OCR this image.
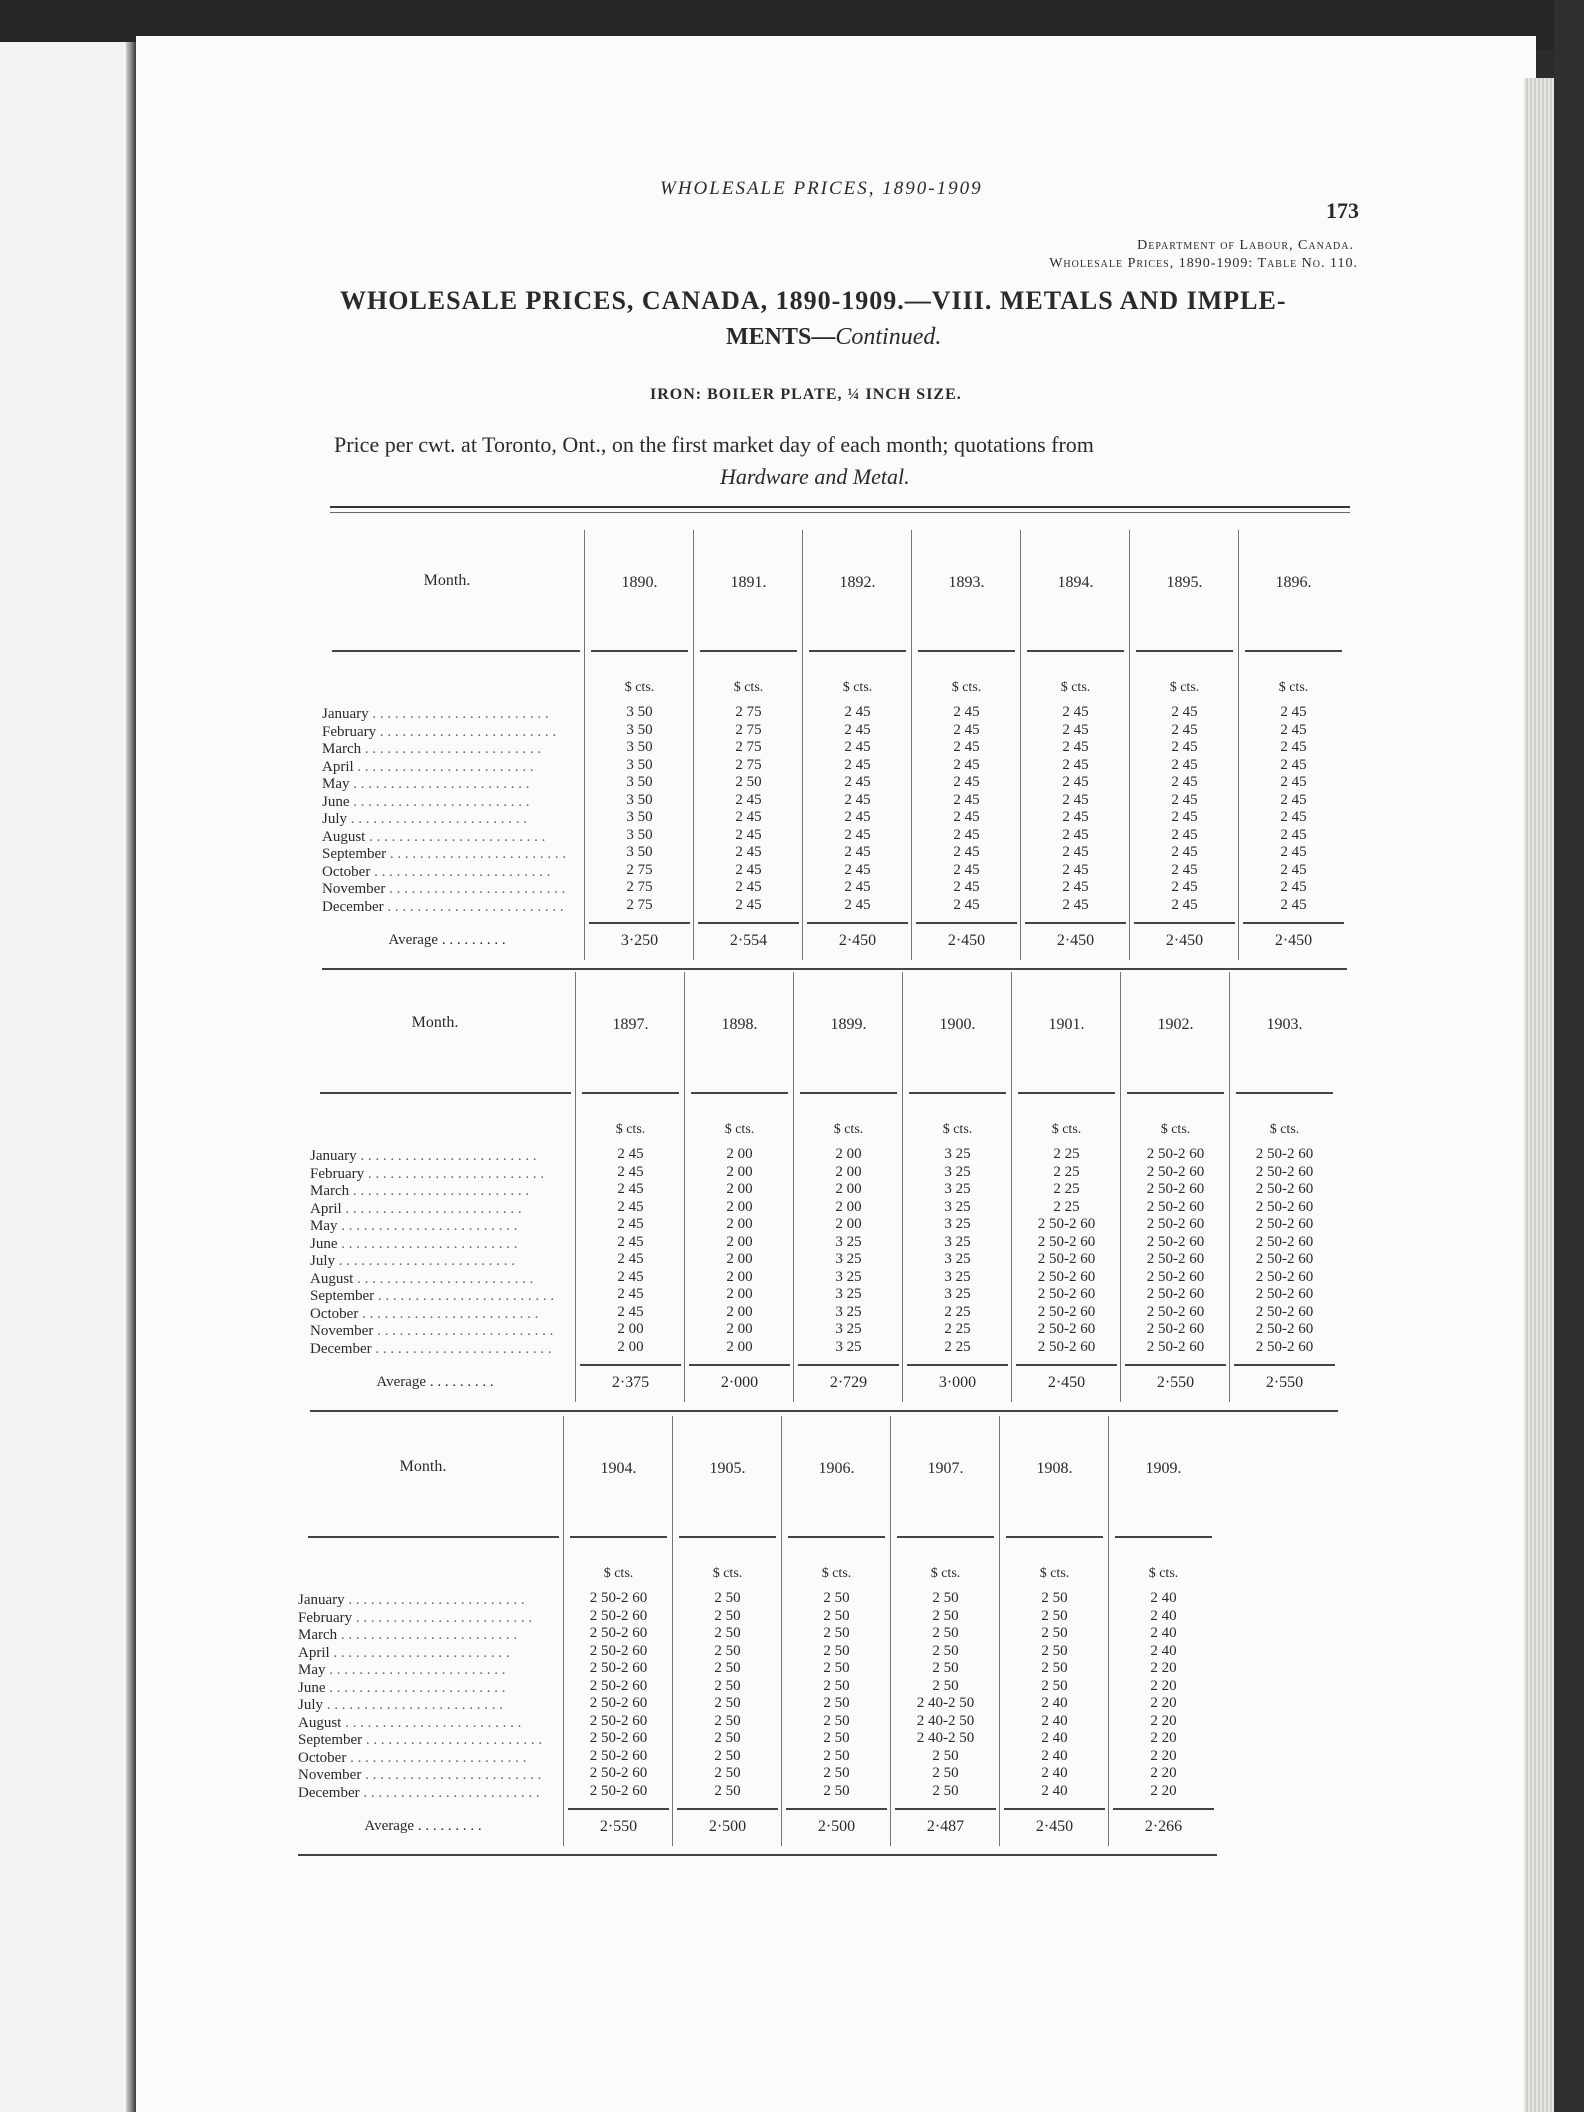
WHOLESALE PRICES, 1890-1909
173
Department of Labour, Canada.
Wholesale Prices, 1890-1909: Table No. 110.
WHOLESALE PRICES, CANADA, 1890-1909.—VIII. METALS AND IMPLE-
MENTS—Continued.
IRON: BOILER PLATE, ¼ INCH SIZE.
Price per cwt. at Toronto, Ont., on the first market day of each month; quotations from
Hardware and Metal.
Month.
January . . . . . . . . . . . . . . . . . . . . . . . .
February . . . . . . . . . . . . . . . . . . . . . . . .
March . . . . . . . . . . . . . . . . . . . . . . . .
April . . . . . . . . . . . . . . . . . . . . . . . .
May . . . . . . . . . . . . . . . . . . . . . . . .
June . . . . . . . . . . . . . . . . . . . . . . . .
July . . . . . . . . . . . . . . . . . . . . . . . .
August . . . . . . . . . . . . . . . . . . . . . . . .
September . . . . . . . . . . . . . . . . . . . . . . . .
October . . . . . . . . . . . . . . . . . . . . . . . .
November . . . . . . . . . . . . . . . . . . . . . . . .
December . . . . . . . . . . . . . . . . . . . . . . . .
Average . . . . . . . . .
1890.
$ cts.
3 50
3 50
3 50
3 50
3 50
3 50
3 50
3 50
3 50
2 75
2 75
2 75
3·250
1891.
$ cts.
2 75
2 75
2 75
2 75
2 50
2 45
2 45
2 45
2 45
2 45
2 45
2 45
2·554
1892.
$ cts.
2 45
2 45
2 45
2 45
2 45
2 45
2 45
2 45
2 45
2 45
2 45
2 45
2·450
1893.
$ cts.
2 45
2 45
2 45
2 45
2 45
2 45
2 45
2 45
2 45
2 45
2 45
2 45
2·450
1894.
$ cts.
2 45
2 45
2 45
2 45
2 45
2 45
2 45
2 45
2 45
2 45
2 45
2 45
2·450
1895.
$ cts.
2 45
2 45
2 45
2 45
2 45
2 45
2 45
2 45
2 45
2 45
2 45
2 45
2·450
1896.
$ cts.
2 45
2 45
2 45
2 45
2 45
2 45
2 45
2 45
2 45
2 45
2 45
2 45
2·450
Month.
January . . . . . . . . . . . . . . . . . . . . . . . .
February . . . . . . . . . . . . . . . . . . . . . . . .
March . . . . . . . . . . . . . . . . . . . . . . . .
April . . . . . . . . . . . . . . . . . . . . . . . .
May . . . . . . . . . . . . . . . . . . . . . . . .
June . . . . . . . . . . . . . . . . . . . . . . . .
July . . . . . . . . . . . . . . . . . . . . . . . .
August . . . . . . . . . . . . . . . . . . . . . . . .
September . . . . . . . . . . . . . . . . . . . . . . . .
October . . . . . . . . . . . . . . . . . . . . . . . .
November . . . . . . . . . . . . . . . . . . . . . . . .
December . . . . . . . . . . . . . . . . . . . . . . . .
Average . . . . . . . . .
1897.
$ cts.
2 45
2 45
2 45
2 45
2 45
2 45
2 45
2 45
2 45
2 45
2 00
2 00
2·375
1898.
$ cts.
2 00
2 00
2 00
2 00
2 00
2 00
2 00
2 00
2 00
2 00
2 00
2 00
2·000
1899.
$ cts.
2 00
2 00
2 00
2 00
2 00
3 25
3 25
3 25
3 25
3 25
3 25
3 25
2·729
1900.
$ cts.
3 25
3 25
3 25
3 25
3 25
3 25
3 25
3 25
3 25
2 25
2 25
2 25
3·000
1901.
$ cts.
2 25
2 25
2 25
2 25
2 50-2 60
2 50-2 60
2 50-2 60
2 50-2 60
2 50-2 60
2 50-2 60
2 50-2 60
2 50-2 60
2·450
1902.
$ cts.
2 50-2 60
2 50-2 60
2 50-2 60
2 50-2 60
2 50-2 60
2 50-2 60
2 50-2 60
2 50-2 60
2 50-2 60
2 50-2 60
2 50-2 60
2 50-2 60
2·550
1903.
$ cts.
2 50-2 60
2 50-2 60
2 50-2 60
2 50-2 60
2 50-2 60
2 50-2 60
2 50-2 60
2 50-2 60
2 50-2 60
2 50-2 60
2 50-2 60
2 50-2 60
2·550
Month.
January . . . . . . . . . . . . . . . . . . . . . . . .
February . . . . . . . . . . . . . . . . . . . . . . . .
March . . . . . . . . . . . . . . . . . . . . . . . .
April . . . . . . . . . . . . . . . . . . . . . . . .
May . . . . . . . . . . . . . . . . . . . . . . . .
June . . . . . . . . . . . . . . . . . . . . . . . .
July . . . . . . . . . . . . . . . . . . . . . . . .
August . . . . . . . . . . . . . . . . . . . . . . . .
September . . . . . . . . . . . . . . . . . . . . . . . .
October . . . . . . . . . . . . . . . . . . . . . . . .
November . . . . . . . . . . . . . . . . . . . . . . . .
December . . . . . . . . . . . . . . . . . . . . . . . .
Average . . . . . . . . .
1904.
$ cts.
2 50-2 60
2 50-2 60
2 50-2 60
2 50-2 60
2 50-2 60
2 50-2 60
2 50-2 60
2 50-2 60
2 50-2 60
2 50-2 60
2 50-2 60
2 50-2 60
2·550
1905.
$ cts.
2 50
2 50
2 50
2 50
2 50
2 50
2 50
2 50
2 50
2 50
2 50
2 50
2·500
1906.
$ cts.
2 50
2 50
2 50
2 50
2 50
2 50
2 50
2 50
2 50
2 50
2 50
2 50
2·500
1907.
$ cts.
2 50
2 50
2 50
2 50
2 50
2 50
2 40-2 50
2 40-2 50
2 40-2 50
2 50
2 50
2 50
2·487
1908.
$ cts.
2 50
2 50
2 50
2 50
2 50
2 50
2 40
2 40
2 40
2 40
2 40
2 40
2·450
1909.
$ cts.
2 40
2 40
2 40
2 40
2 20
2 20
2 20
2 20
2 20
2 20
2 20
2 20
2·266
